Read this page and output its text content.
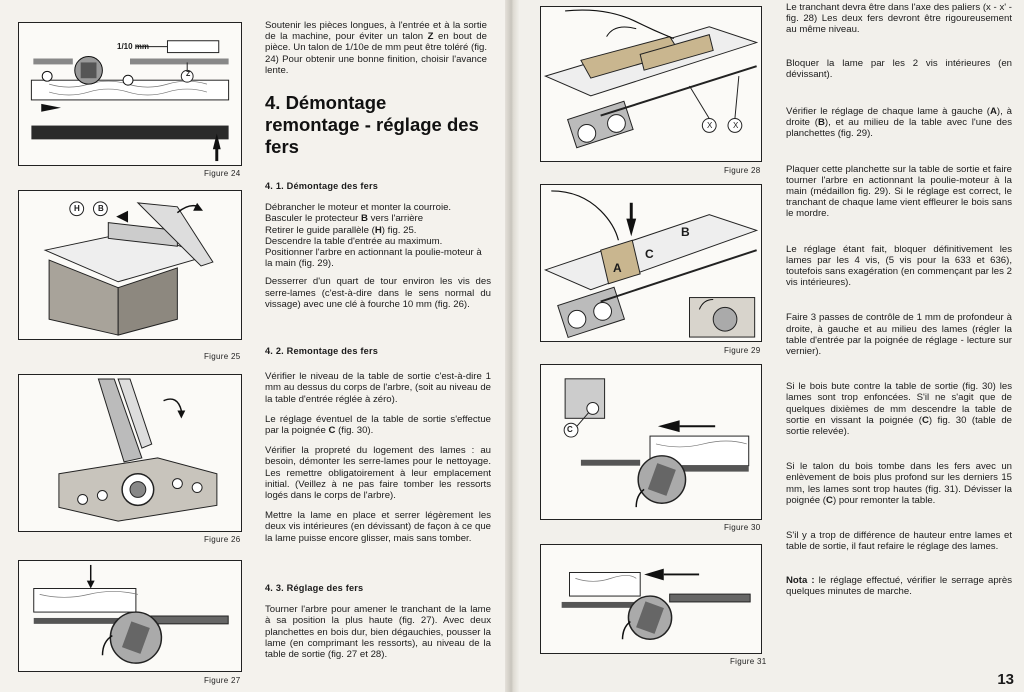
1/10 mm
Z
Figure 24
H B
Figure 25
Figure 26
Figure 27

Soutenir les pièces longues, à l'entrée et à la sortie de la machine, pour éviter un talon Z en bout de pièce. Un talon de 1/10e de mm peut être toléré (fig. 24) Pour obtenir une bonne finition, choisir l'avance lente.

4. Démontage remontage - réglage des fers
4. 1. Démontage des fers

Débrancher le moteur et monter la courroie.
Basculer le protecteur B vers l'arrière
Retirer le guide parallèle (H) fig. 25.
Descendre la table d'entrée au maximum.
Positionner l'arbre en actionnant la poulie-moteur à la main (fig. 29).

Desserrer d'un quart de tour environ les vis des serre-lames (c'est-à-dire dans le sens normal du vissage) avec une clé à fourche 10 mm (fig. 26).

4. 2. Remontage des fers

Vérifier le niveau de la table de sortie c'est-à-dire 1 mm au dessus du corps de l'arbre, (soit au niveau de la table d'entrée réglée à zéro).

Le réglage éventuel de la table de sortie s'effectue par la poignée C (fig. 30).

Vérifier la propreté du logement des lames : au besoin, démonter les serre-lames pour le nettoyage. Les remettre obligatoirement à leur emplacement initial. (Veillez à ne pas faire tomber les ressorts logés dans le corps de l'arbre).

Mettre la lame en place et serrer légèrement les deux vis intérieures (en dévissant) de façon à ce que la lame puisse encore glisser, mais sans tomber.

4. 3. Réglage des fers

Tourner l'arbre pour amener le tranchant de la lame à sa position la plus haute (fig. 27). Avec deux planchettes en bois dur, bien dégauchies, pousser la lame (en comprimant les ressorts), au niveau de la table de sortie (fig. 27 et 28).

X	X
Figure 28
A
C
B
Figure 29
C
Figure 30
Figure 31

Le tranchant devra être dans l'axe des paliers (x - x' - fig. 28) Les deux fers devront être rigoureusement au même niveau.

Bloquer la lame par les 2 vis intérieures (en dévissant).

Vérifier le réglage de chaque lame à gauche (A), à droite (B), et au milieu de la table avec l'une des planchettes (fig. 29).

Plaquer cette planchette sur la table de sortie et faire tourner l'arbre en actionnant la poulie-moteur à la main (médaillon fig. 29). Si le réglage est correct, le tranchant de chaque lame vient effleurer le bois sans le mordre.

Le réglage étant fait, bloquer définitivement les lames par les 4 vis, (5 vis pour la 633 et 636), toutefois sans exagération (en commençant par les 2 vis intérieures).

Faire 3 passes de contrôle de 1 mm de profondeur à droite, à gauche et au milieu des lames (régler la table d'entrée par la poignée de réglage - lecture sur vernier).

Si le bois bute contre la table de sortie (fig. 30) les lames sont trop enfoncées. S'il ne s'agit que de quelques dixièmes de mm descendre la table de sortie en vissant la poignée (C) fig. 30 (table de sortie relevée).

Si le talon du bois tombe dans les fers avec un enlèvement de bois plus profond sur les derniers 15 mm, les lames sont trop hautes (fig. 31). Dévisser la poignée (C) pour remonter la table.

S'il y a trop de différence de hauteur entre lames et table de sortie, il faut refaire le réglage des lames.

Nota : le réglage effectué, vérifier le serrage après quelques minutes de marche.

13
